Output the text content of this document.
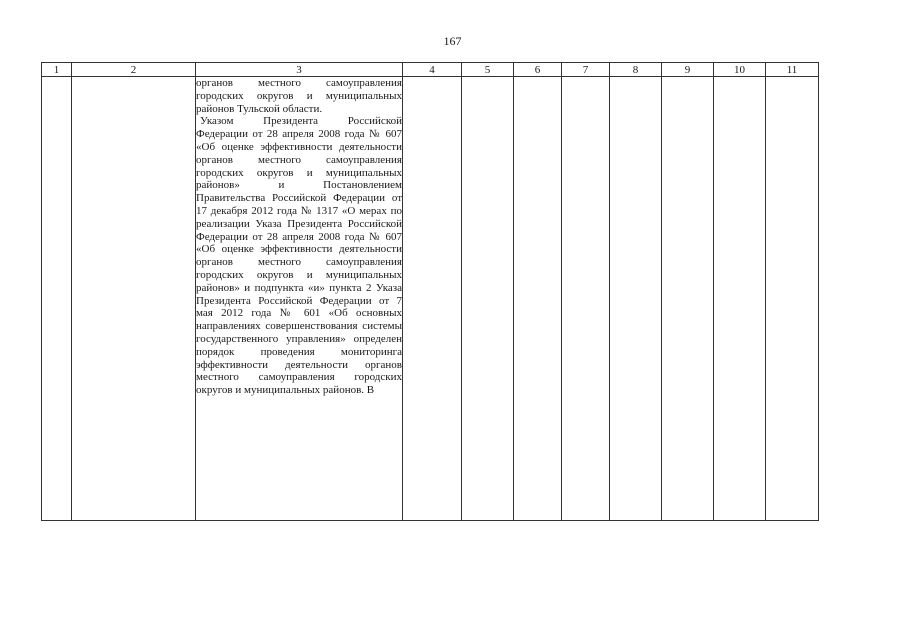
167
1	2	3	4	5	6	7	8	9	10	11

		органов местного самоуправления городских округов и муниципальных районов Тульской области.

Указом Президента Российской Федерации от 28 апреля 2008 года № 607 «Об оценке эффективности деятельности органов местного самоуправления городских округов и муниципальных районов» и Постановлением Правительства Российской Федерации от 17 декабря 2012 года № 1317 «О мерах по реализации Указа Президента Российской Федерации от 28 апреля 2008 года № 607 «Об оценке эффективности деятельности органов местного самоуправления городских округов и муниципальных районов» и подпункта «и» пункта 2 Указа Президента Российской Федерации от 7 мая 2012 года № 601 «Об основных направлениях совершенствования системы государственного управления» определен порядок проведения мониторинга эффективности деятельности органов местного самоуправления городских округов и муниципальных районов. В								
